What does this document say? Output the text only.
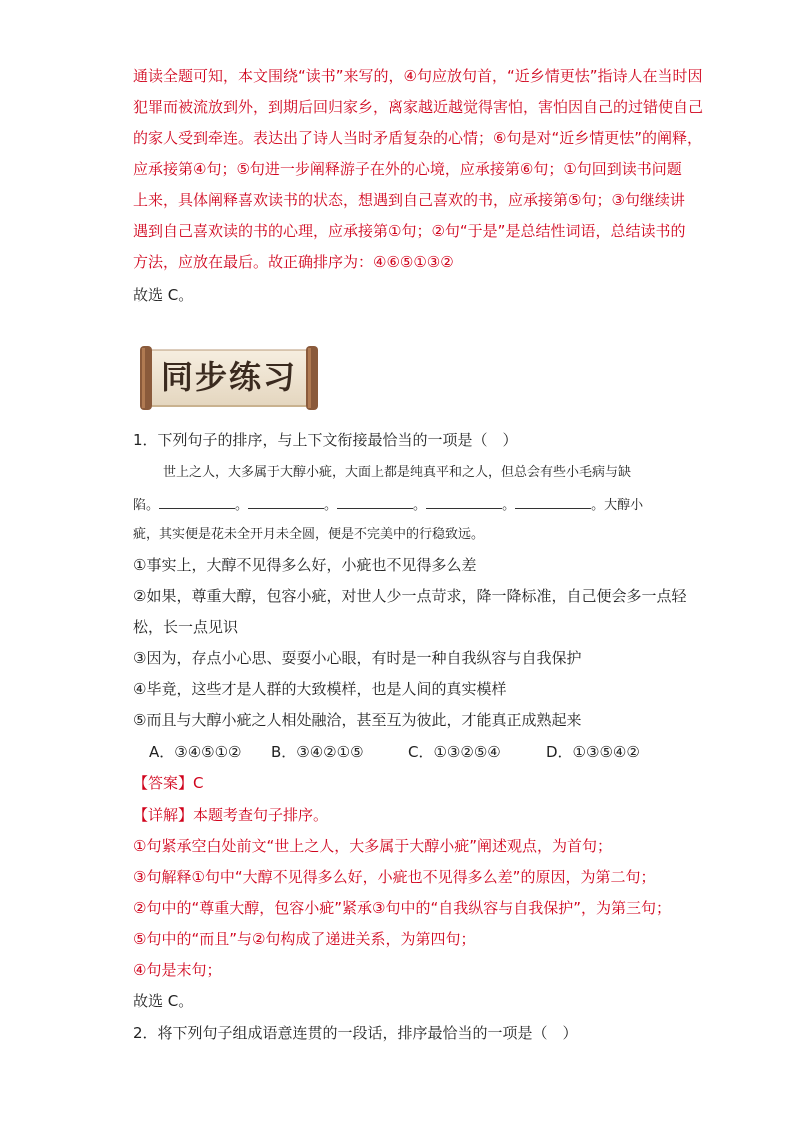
通读全题可知，本文围绕“读书”来写的，④句应放句首，“近乡情更怯”指诗人在当时因
犯罪而被流放到外，到期后回归家乡，离家越近越觉得害怕，害怕因自己的过错使自己
的家人受到牵连。表达出了诗人当时矛盾复杂的心情；⑥句是对“近乡情更怯”的阐释，
应承接第④句；⑤句进一步阐释游子在外的心境，应承接第⑥句；①句回到读书问题
上来，具体阐释喜欢读书的状态，想遇到自己喜欢的书，应承接第⑤句；③句继续讲
遇到自己喜欢读的书的心理，应承接第①句；②句“于是”是总结性词语，总结读书的
方法，应放在最后。故正确排序为：④⑥⑤①③②
故选 C。
同步练习
1．下列句子的排序，与上下文衔接最恰当的一项是（　）
世上之人，大多属于大醇小疵，大面上都是纯真平和之人，但总会有些小毛病与缺
陷。	。	。	。	。	。大醇小
疵，其实便是花未全开月未全圆，便是不完美中的行稳致远。
①事实上，大醇不见得多么好，小疵也不见得多么差
②如果，尊重大醇，包容小疵，对世人少一点苛求，降一降标准，自己便会多一点轻
松，长一点见识
③因为，存点小心思、耍耍小心眼，有时是一种自我纵容与自我保护
④毕竟，这些才是人群的大致模样，也是人间的真实模样
⑤而且与大醇小疵之人相处融洽，甚至互为彼此，才能真正成熟起来
A．③④⑤①② B．③④②①⑤	C．①③②⑤④	D．①③⑤④②
【答案】C
【详解】本题考查句子排序。
①句紧承空白处前文“世上之人，大多属于大醇小疵”阐述观点，为首句；
③句解释①句中“大醇不见得多么好，小疵也不见得多么差”的原因，为第二句；
②句中的“尊重大醇，包容小疵”紧承③句中的“自我纵容与自我保护”，为第三句；
⑤句中的“而且”与②句构成了递进关系，为第四句；
④句是末句；
故选 C。
2．将下列句子组成语意连贯的一段话，排序最恰当的一项是（　）
